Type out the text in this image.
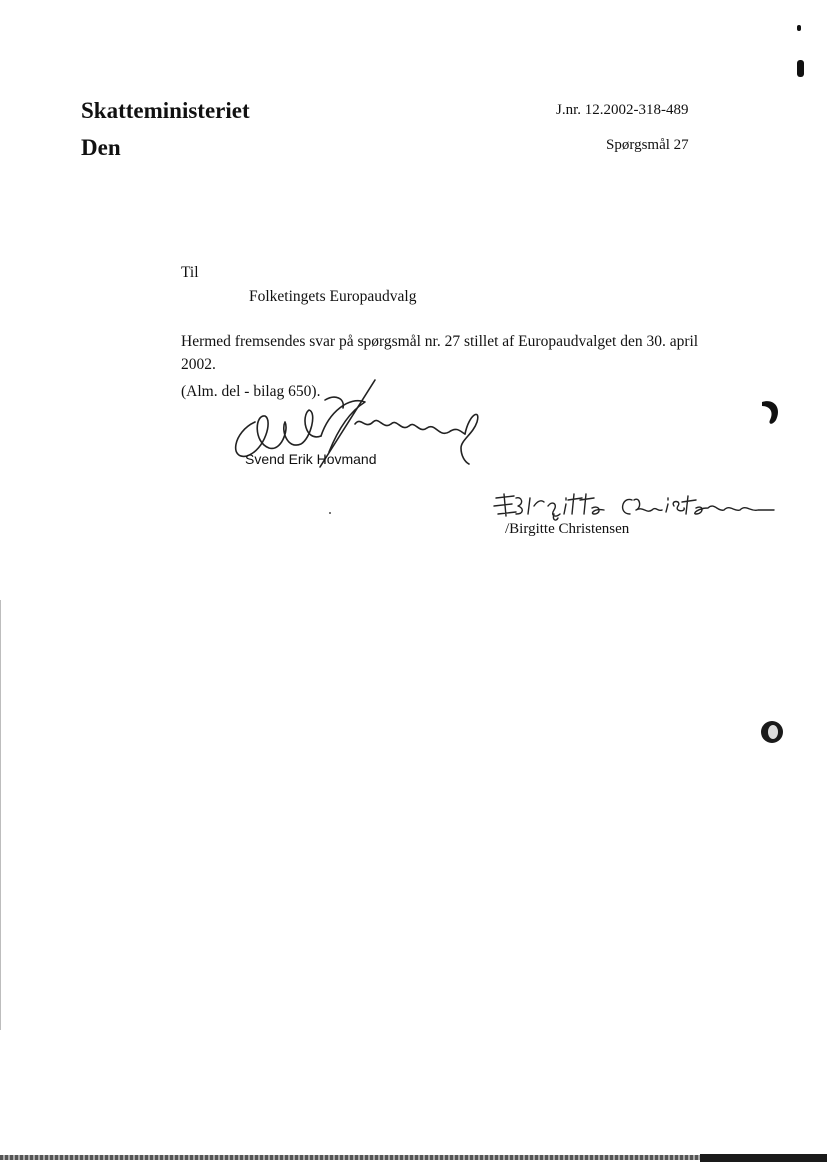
Skatteministeriet
Den
J.nr. 12.2002-318-489
Spørgsmål 27
Til
Folketingets Europaudvalg
Hermed fremsendes svar på spørgsmål nr. 27 stillet af Europaudvalget den 30. april
2002.
(Alm. del - bilag 650).
Svend Erik Hovmand
/Birgitte Christensen
